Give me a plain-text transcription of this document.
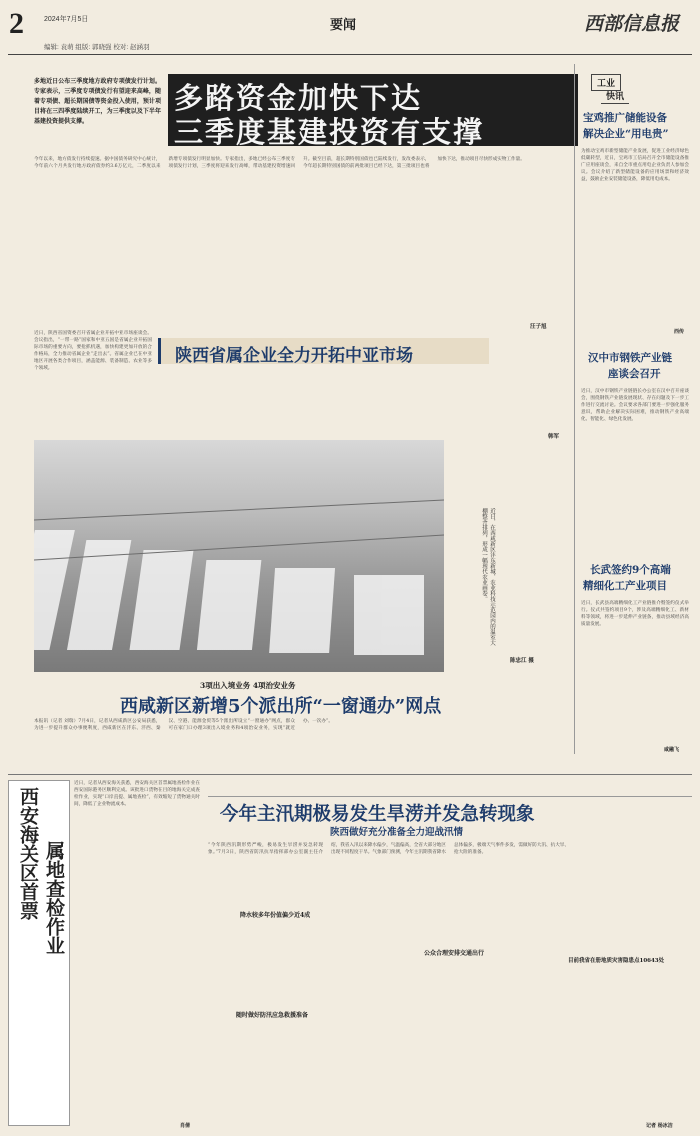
2	2024年7月5日	要闻	西部信息报
编辑: 袁萌 组版: 郭晓强 校对: 赵涵羽
多地近日公布三季度地方政府专项债发行计划。专家表示，三季度专项债发行有望迎来高峰，随着专项债、超长期国债等资金投入使用，预计项目将在三四季度陆续开工，为三季度以及下半年基建投资提供支撑。
多路资金加快下达
三季度基建投资有支撑
今年以来，地方债发行持续提速。据中国债务研究中心统计，今年前六个月共发行地方政府债券约3.6万亿元，二季度以来新增专项债发行明显加快。专家指出，多地已经公布三季度专项债发行计划，三季度将迎来发行高峰，带动基建投资增速回升。截至目前，超长期特别国债也已陆续发行，发改委表示，今年超长期特别国债的前两批项目已经下达，第三批项目也将加快下达，推动项目尽快形成实物工作量。
汪子旭
工业
快讯
宝鸡推广储能设备
解决企业“用电贵”
为推动宝鸡市新型储能产业发展，促进工业经济绿色低碳转型，近日，宝鸡市工信局召开全市储能设备推广应用座谈会，来自全市重点用电企业负责人参加会议。会议介绍了新型储能设备的应用场景和经济效益，鼓励企业安装储能设备，降低用电成本。
西传
汉中市钢铁产业链
座谈会召开
近日，汉中市钢铁产业链链长办公室在汉中召开座谈会，围绕钢铁产业链发展现状、存在问题及下一步工作进行交流讨论。会议要求各部门要进一步强化服务意识，帮助企业解决实际困难，推动钢铁产业高端化、智能化、绿色化发展。
长武签约9个高端
精细化工产业项目
近日，长武县高端精细化工产业链推介暨签约仪式举行。仪式共签约项目9个，涉及高端精细化工、新材料等领域，将进一步延伸产业链条，推动县域经济高质量发展。
咸融飞
陕西省属企业全力开拓中亚市场
近日，陕西省国资委召开省属企业开拓中亚市场座谈会。会议指出，“一带一路”国家和中亚五国是省属企业开拓国际市场的重要方向，要抢抓机遇，加快构建更加开放的合作格局，全力推动省属企业“走出去”。省属企业已在中亚地区开展各类合作项目，涵盖能源、装备制造、农业等多个领域。
韩军
近日，在西咸新区沣东新城，农业科技示范园内的温室大棚整齐排列，形成一幅现代农业画卷。
陈忠江 摄
3项出入境业务 4项治安业务
西咸新区新增5个派出所“一窗通办”网点
本报讯（记者 刘瑞）7月4日，记者从西咸新区公安局获悉，为进一步提升群众办事便利度，西咸新区在沣东、沣西、秦汉、空港、能源金贸等5个派出所设立“一窗通办”网点，群众可在家门口办理3项出入境业务和4项治安业务，实现“就近办、一次办”。
西安海关区首票 属地查检作业
近日，记者从西安海关获悉，西安海关区首票属地查检作业在西安国际港务区顺利完成。该批进口货物在目的地海关完成查检作业，实现“口岸直提、属地查检”，有效缩短了货物通关时间，降低了企业物流成本。
肖倩
今年主汛期极易发生旱涝并发急转现象
陕西做好充分准备全力迎战汛情
“今年陕西汛期形势严峻，极易发生旱涝并发急转现象。”7月3日，陕西省防汛抗旱指挥部办公室副主任介绍，我省入汛以来降水偏少，气温偏高，全省大部分地区出现不同程度干旱。气象部门预测，今年主汛期我省降水总体偏多，极端天气事件多发，需做好防大汛、抗大旱、抢大险的准备。
降水较多年份值偏少近4成
随时做好防汛应急救援准备
公众合理安排交通出行
目前我省在册地质灾害隐患点10643处
记者 杨冰洁
